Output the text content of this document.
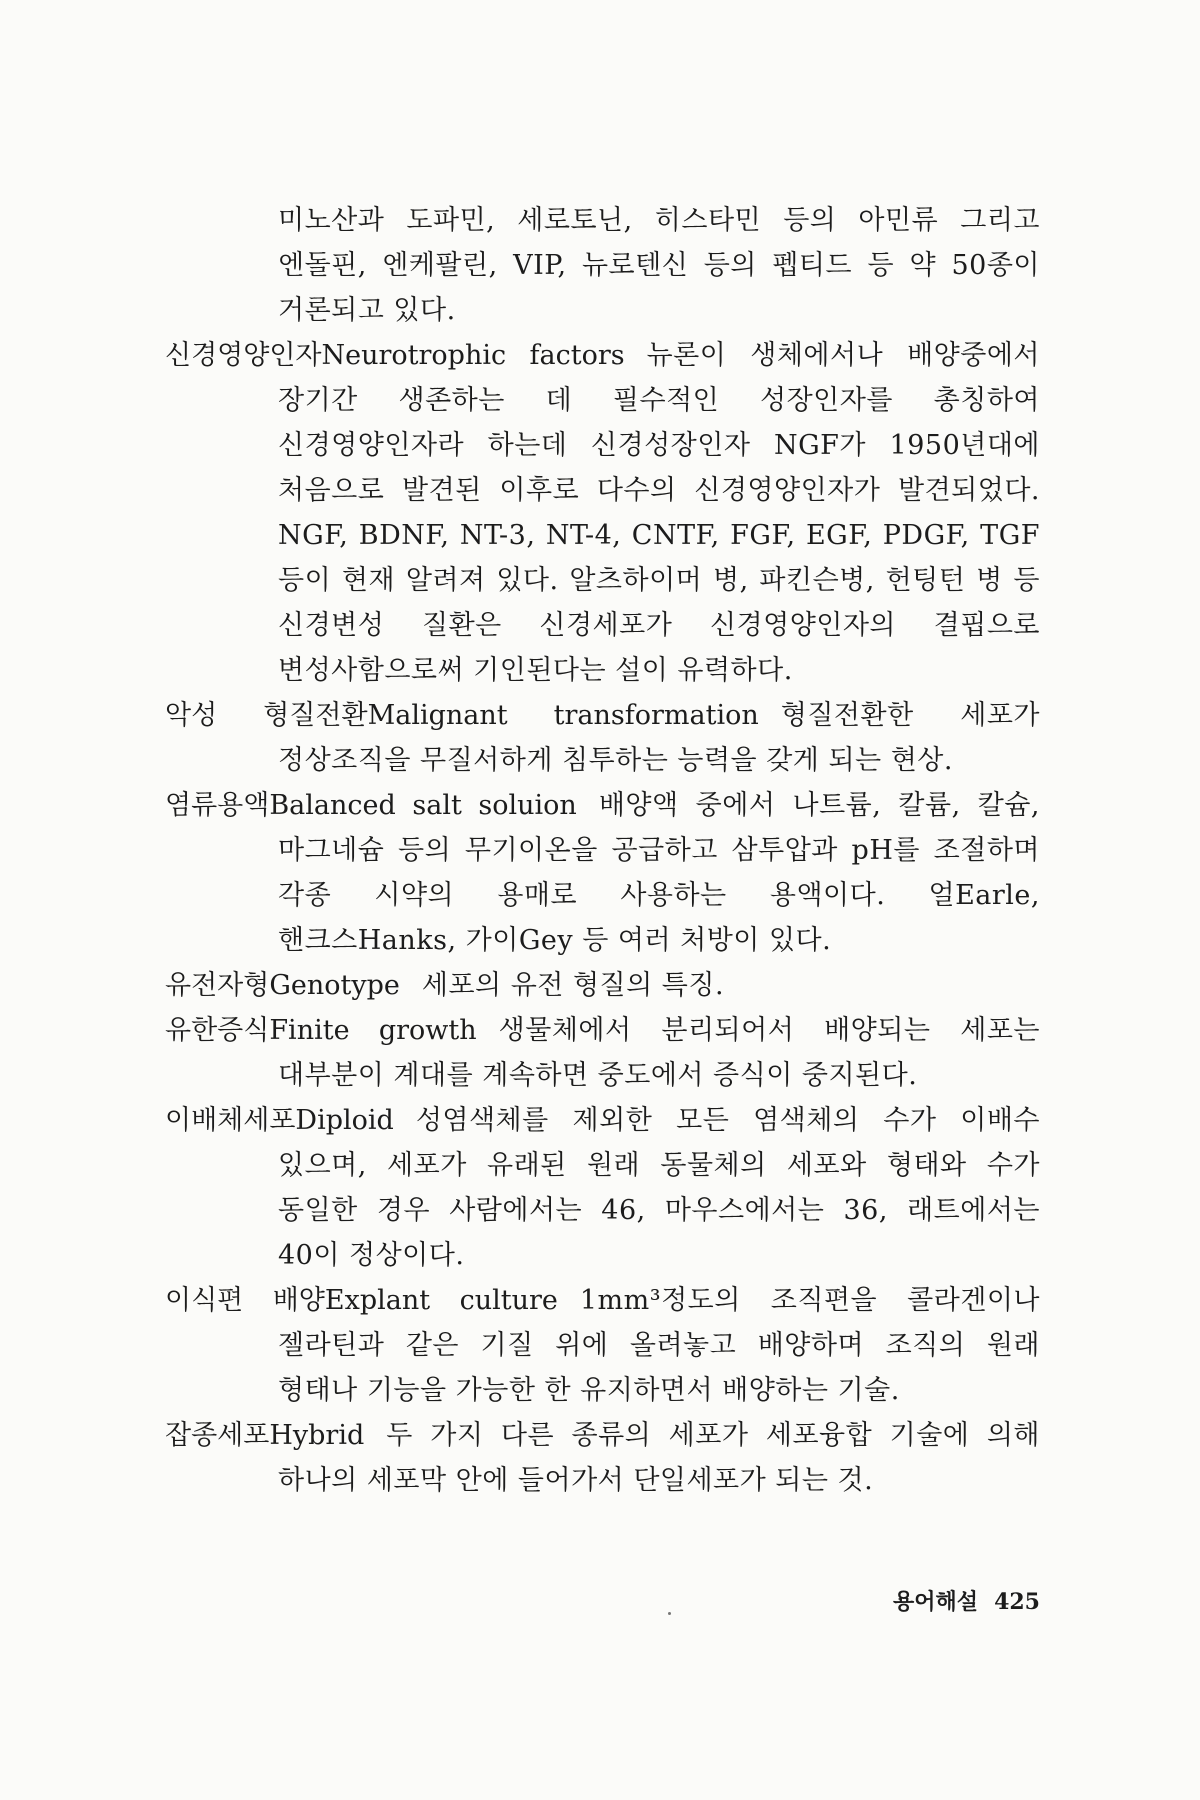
미노산과 도파민, 세로토닌, 히스타민 등의 아민류 그리고 엔돌핀, 엔케팔린, VIP, 뉴로텐신 등의 펩티드 등 약 50종이 거론되고 있다.

신경영양인자Neurotrophic factors 뉴론이 생체에서나 배양중에서 장기간 생존하는 데 필수적인 성장인자를 총칭하여 신경영양인자라 하는데 신경성장인자 NGF가 1950년대에 처음으로 발견된 이후로 다수의 신경영양인자가 발견되었다. NGF, BDNF, NT-3, NT-4, CNTF, FGF, EGF, PDGF, TGF 등이 현재 알려져 있다. 알츠하이머 병, 파킨슨병, 헌팅턴 병 등 신경변성 질환은 신경세포가 신경영양인자의 결핍으로 변성사함으로써 기인된다는 설이 유력하다.

악성 형질전환Malignant transformation 형질전환한 세포가 정상조직을 무질서하게 침투하는 능력을 갖게 되는 현상.

염류용액Balanced salt soluion 배양액 중에서 나트륨, 칼륨, 칼슘, 마그네슘 등의 무기이온을 공급하고 삼투압과 pH를 조절하며 각종 시약의 용매로 사용하는 용액이다. 얼Earle, 핸크스Hanks, 가이Gey 등 여러 처방이 있다.

유전자형Genotype 세포의 유전 형질의 특징.

유한증식Finite growth 생물체에서 분리되어서 배양되는 세포는 대부분이 계대를 계속하면 중도에서 증식이 중지된다.

이배체세포Diploid 성염색체를 제외한 모든 염색체의 수가 이배수 있으며, 세포가 유래된 원래 동물체의 세포와 형태와 수가 동일한 경우 사람에서는 46, 마우스에서는 36, 래트에서는 40이 정상이다.

이식편 배양Explant culture 1mm³정도의 조직편을 콜라겐이나 젤라틴과 같은 기질 위에 올려놓고 배양하며 조직의 원래 형태나 기능을 가능한 한 유지하면서 배양하는 기술.

잡종세포Hybrid 두 가지 다른 종류의 세포가 세포융합 기술에 의해 하나의 세포막 안에 들어가서 단일세포가 되는 것.

용어해설 425
